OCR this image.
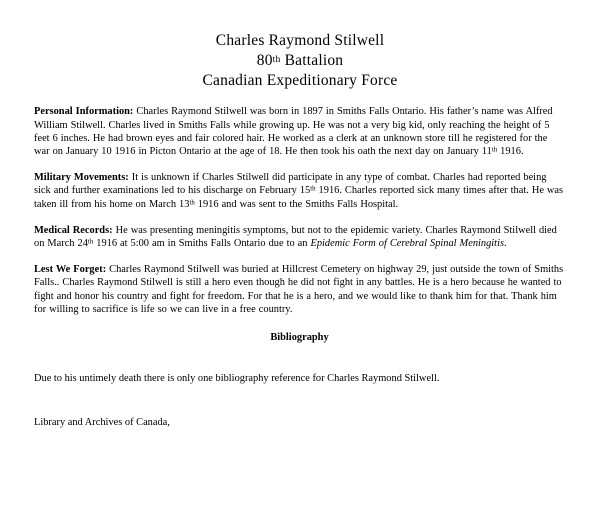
Charles Raymond Stilwell
80th Battalion
Canadian Expeditionary Force

Personal Information: Charles Raymond Stilwell was born in 1897 in Smiths Falls Ontario. His father’s name was Alfred William Stilwell. Charles lived in Smiths Falls while growing up. He was not a very big kid, only reaching the height of 5 feet 6 inches. He had brown eyes and fair colored hair. He worked as a clerk at an unknown store till he registered for the war on January 10 1916 in Picton Ontario at the age of 18. He then took his oath the next day on January 11th 1916.

Military Movements: It is unknown if Charles Stilwell did participate in any type of combat. Charles had reported being sick and further examinations led to his discharge on February 15th 1916. Charles reported sick many times after that. He was taken ill from his home on March 13th 1916 and was sent to the Smiths Falls Hospital.

Medical Records: He was presenting meningitis symptoms, but not to the epidemic variety. Charles Raymond Stilwell died on March 24th 1916 at 5:00 am in Smiths Falls Ontario due to an Epidemic Form of Cerebral Spinal Meningitis.

Lest We Forget: Charles Raymond Stilwell was buried at Hillcrest Cemetery on highway 29, just outside the town of Smiths Falls.. Charles Raymond Stilwell is still a hero even though he did not fight in any battles. He is a hero because he wanted to fight and honor his country and fight for freedom. For that he is a hero, and we would like to thank him for that. Thank him for willing to sacrifice is life so we can live in a free country.

Bibliography
Due to his untimely death there is only one bibliography reference for Charles Raymond Stilwell.
Library and Archives of Canada,
